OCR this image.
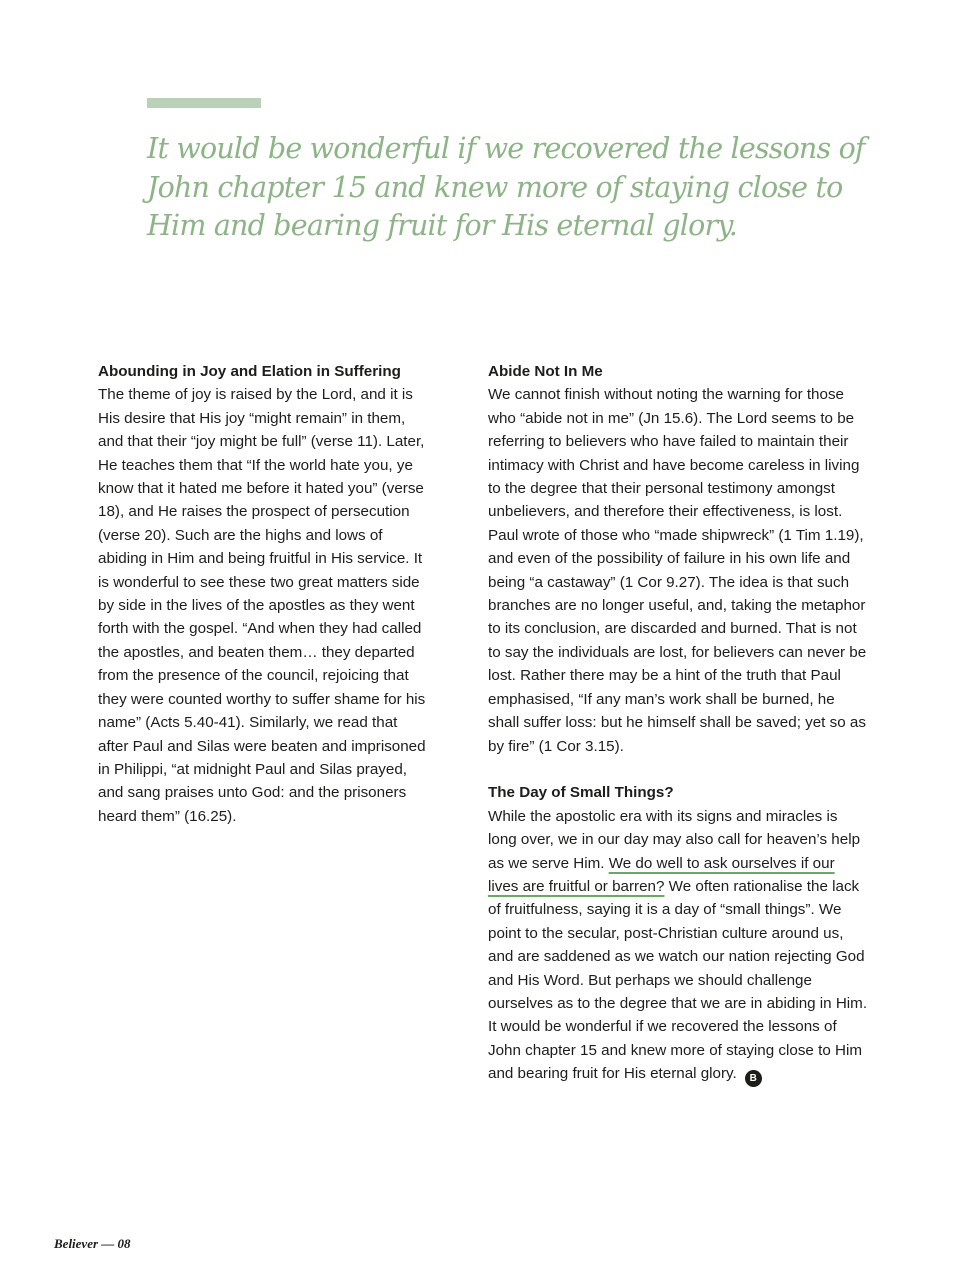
It would be wonderful if we recovered the lessons of John chapter 15 and knew more of staying close to Him and bearing fruit for His eternal glory.

Abounding in Joy and Elation in Suffering

The theme of joy is raised by the Lord, and it is His desire that His joy “might remain” in them, and that their “joy might be full” (verse 11). Later, He teaches them that “If the world hate you, ye know that it hated me before it hated you” (verse 18), and He raises the prospect of persecution (verse 20). Such are the highs and lows of abiding in Him and being fruitful in His service. It is wonderful to see these two great matters side by side in the lives of the apostles as they went forth with the gospel. “And when they had called the apostles, and beaten them… they departed from the presence of the council, rejoicing that they were counted worthy to suffer shame for his name” (Acts 5.40-41). Similarly, we read that after Paul and Silas were beaten and imprisoned in Philippi, “at midnight Paul and Silas prayed, and sang praises unto God: and the prisoners heard them” (16.25).

Abide Not In Me

We cannot finish without noting the warning for those who “abide not in me” (Jn 15.6). The Lord seems to be referring to believers who have failed to maintain their intimacy with Christ and have become careless in living to the degree that their personal testimony amongst unbelievers, and therefore their effectiveness, is lost. Paul wrote of those who “made shipwreck” (1 Tim 1.19), and even of the possibility of failure in his own life and being “a castaway” (1 Cor 9.27). The idea is that such branches are no longer useful, and, taking the metaphor to its conclusion, are discarded and burned. That is not to say the individuals are lost, for believers can never be lost. Rather there may be a hint of the truth that Paul emphasised, “If any man’s work shall be burned, he shall suffer loss: but he himself shall be saved; yet so as by fire” (1 Cor 3.15).

The Day of Small Things?

While the apostolic era with its signs and miracles is long over, we in our day may also call for heaven’s help as we serve Him. We do well to ask ourselves if our lives are fruitful or barren? We often rationalise the lack of fruitfulness, saying it is a day of “small things”. We point to the secular, post-Christian culture around us, and are saddened as we watch our nation rejecting God and His Word. But perhaps we should challenge ourselves as to the degree that we are in abiding in Him. It would be wonderful if we recovered the lessons of John chapter 15 and knew more of staying close to Him and bearing fruit for His eternal glory. B

Believer — 08
